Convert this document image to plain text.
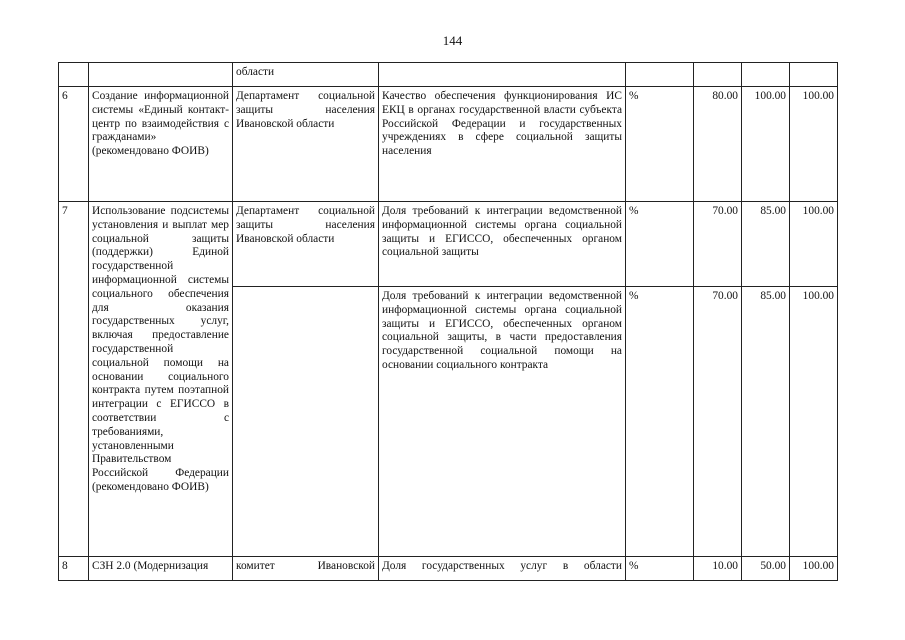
144
		области					
6	Создание информационной системы «Единый контакт-центр по взаимодействия с гражданами» (рекомендовано ФОИВ)	Департамент социальной защиты населения Ивановской области	Качество обеспечения функционирования ИС ЕКЦ в органах государственной власти субъекта Российской Федерации и государственных учреждениях в сфере социальной защиты населения	%	80.00	100.00	100.00
7	Использование подсистемы установления и выплат мер социальной защиты (поддержки) Единой государственной информационной системы социального обеспечения для оказания государственных услуг, включая предоставление государственной социальной помощи на основании социального контракта путем поэтапной интеграции с ЕГИССО в соответствии с требованиями, установленными Правительством Российской Федерации (рекомендовано ФОИВ)	Департамент социальной защиты населения Ивановской области	Доля требований к интеграции ведомственной информационной системы органа социальной защиты и ЕГИССО, обеспеченных органом социальной защиты	%	70.00	85.00	100.00
			Доля требований к интеграции ведомственной информационной системы органа социальной защиты и ЕГИССО, обеспеченных органом социальной защиты, в части предоставления государственной социальной помощи на основании социального контракта	%	70.00	85.00	100.00

8	СЗН 2.0 (Модернизация	комитет Ивановской	Доля государственных услуг в области	%	10.00	50.00	100.00
